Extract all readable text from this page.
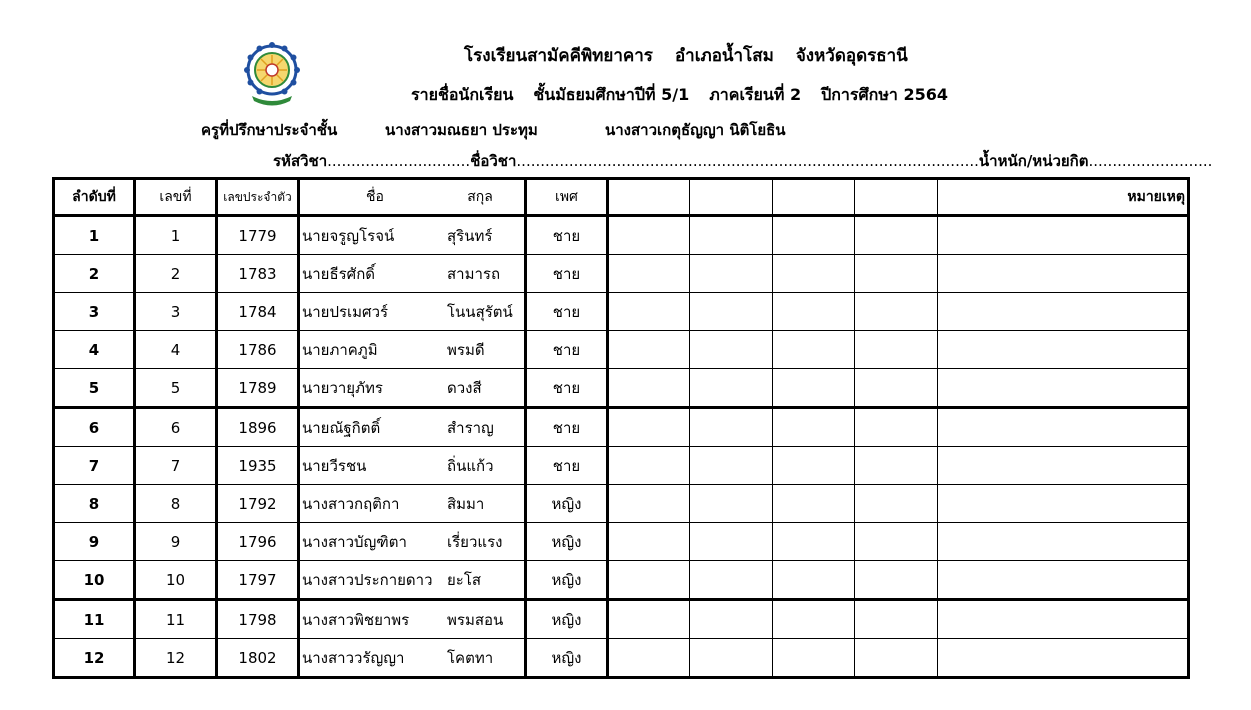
โรงเรียนสามัคคีพิทยาคาร อำเภอน้ำโสม จังหวัดอุดรธานี
รายชื่อนักเรียน ชั้นมัธยมศึกษาปีที่ 5/1 ภาคเรียนที่ 2 ปีการศึกษา 2564
ครูที่ปรึกษาประจำชั้น	นางสาวมณธยา ประทุม	นางสาวเกตุธัญญา นิติโยธิน
รหัสวิชา..............................ชื่อวิชา.................................................................................................น้ำหนัก/หน่วยกิต..........................
ลำดับที่	เลขที่	เลขประจำตัว	ชื่อ สกุล	เพศ					หมายเหตุ
1	1	1779	นายจรูญโรจน์ สุรินทร์	ชาย					
2	2	1783	นายธีรศักดิ์ สามารถ	ชาย					
3	3	1784	นายปรเมศวร์ โนนสุรัตน์	ชาย					
4	4	1786	นายภาคภูมิ พรมดี	ชาย					
5	5	1789	นายวายุภัทร ดวงสี	ชาย					
6	6	1896	นายณัฐกิตติ์ สำราญ	ชาย					
7	7	1935	นายวีรชน ถิ่นแก้ว	ชาย					
8	8	1792	นางสาวกฤติกา สิมมา	หญิง					
9	9	1796	นางสาวบัญฑิตา เรี่ยวแรง	หญิง					
10	10	1797	นางสาวประกายดาว ยะโส	หญิง					
11	11	1798	นางสาวพิชยาพร พรมสอน	หญิง					
12	12	1802	นางสาววรัญญา โคตทา	หญิง					
